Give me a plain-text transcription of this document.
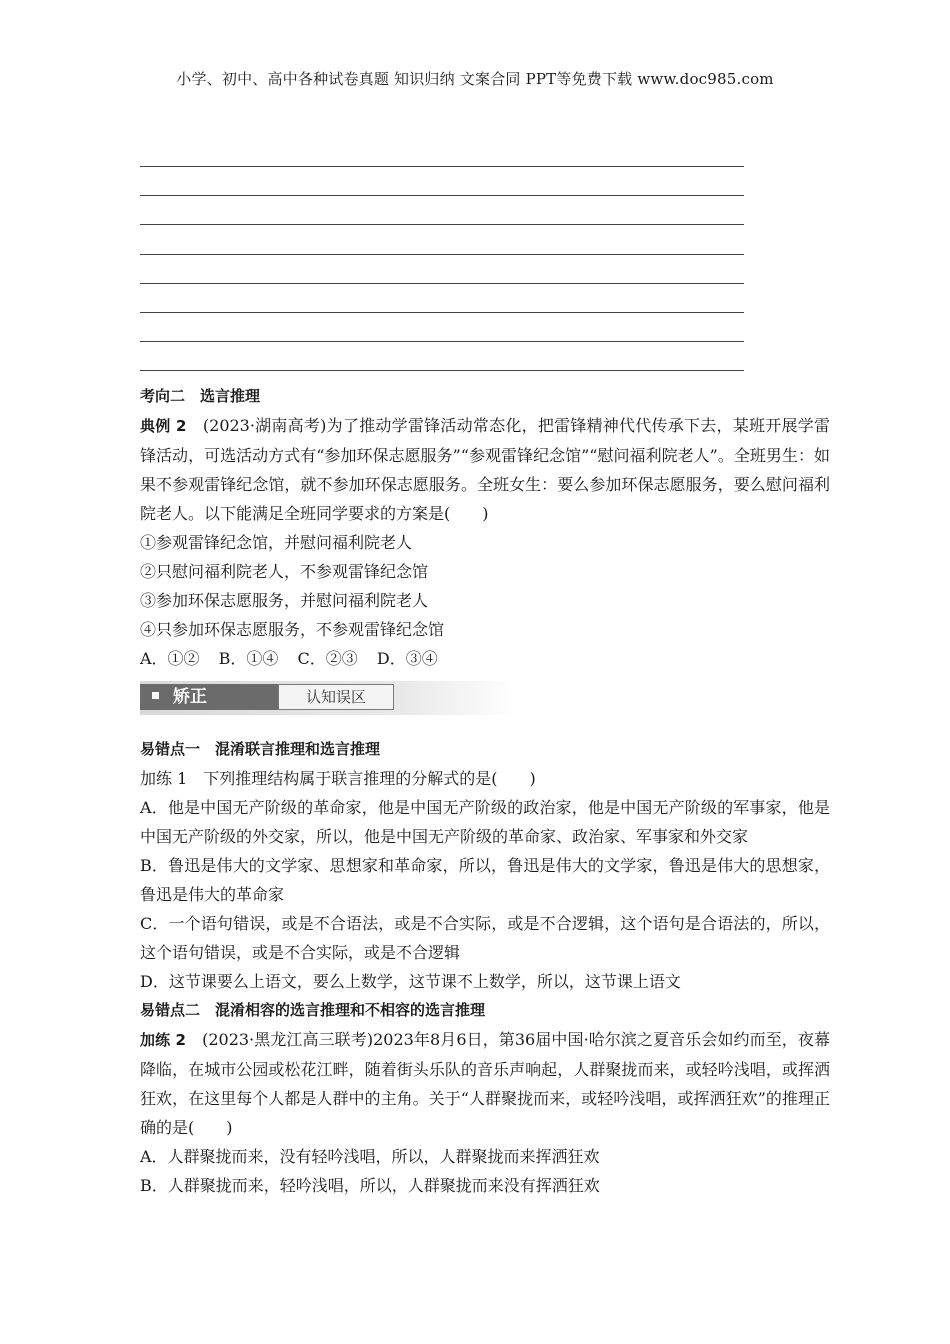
小学、初中、高中各种试卷真题 知识归纳 文案合同 PPT等免费下载 www.doc985.com

考向二　选言推理

典例 2　(2023·湖南高考)为了推动学雷锋活动常态化，把雷锋精神代代传承下去，某班开展学雷锋活动，可选活动方式有“参加环保志愿服务”“参观雷锋纪念馆”“慰问福利院老人”。全班男生：如果不参观雷锋纪念馆，就不参加环保志愿服务。全班女生：要么参加环保志愿服务，要么慰问福利院老人。以下能满足全班同学要求的方案是(　　)

①参观雷锋纪念馆，并慰问福利院老人

②只慰问福利院老人，不参观雷锋纪念馆

③参加环保志愿服务，并慰问福利院老人

④只参加环保志愿服务，不参观雷锋纪念馆

A．①② B．①④ C．②③ D．③④

矫正	认知误区

易错点一　混淆联言推理和选言推理

加练 1　下列推理结构属于联言推理的分解式的是(　　)

A．他是中国无产阶级的革命家，他是中国无产阶级的政治家，他是中国无产阶级的军事家，他是中国无产阶级的外交家，所以，他是中国无产阶级的革命家、政治家、军事家和外交家

B．鲁迅是伟大的文学家、思想家和革命家，所以，鲁迅是伟大的文学家，鲁迅是伟大的思想家，鲁迅是伟大的革命家

C．一个语句错误，或是不合语法，或是不合实际，或是不合逻辑，这个语句是合语法的，所以，这个语句错误，或是不合实际，或是不合逻辑

D．这节课要么上语文，要么上数学，这节课不上数学，所以，这节课上语文

易错点二　混淆相容的选言推理和不相容的选言推理

加练 2　(2023·黑龙江高三联考)2023年8月6日，第36届中国·哈尔滨之夏音乐会如约而至，夜幕降临，在城市公园或松花江畔，随着街头乐队的音乐声响起，人群聚拢而来，或轻吟浅唱，或挥洒狂欢，在这里每个人都是人群中的主角。关于“人群聚拢而来，或轻吟浅唱，或挥洒狂欢”的推理正确的是(　　)

A．人群聚拢而来，没有轻吟浅唱，所以，人群聚拢而来挥洒狂欢

B．人群聚拢而来，轻吟浅唱，所以，人群聚拢而来没有挥洒狂欢
